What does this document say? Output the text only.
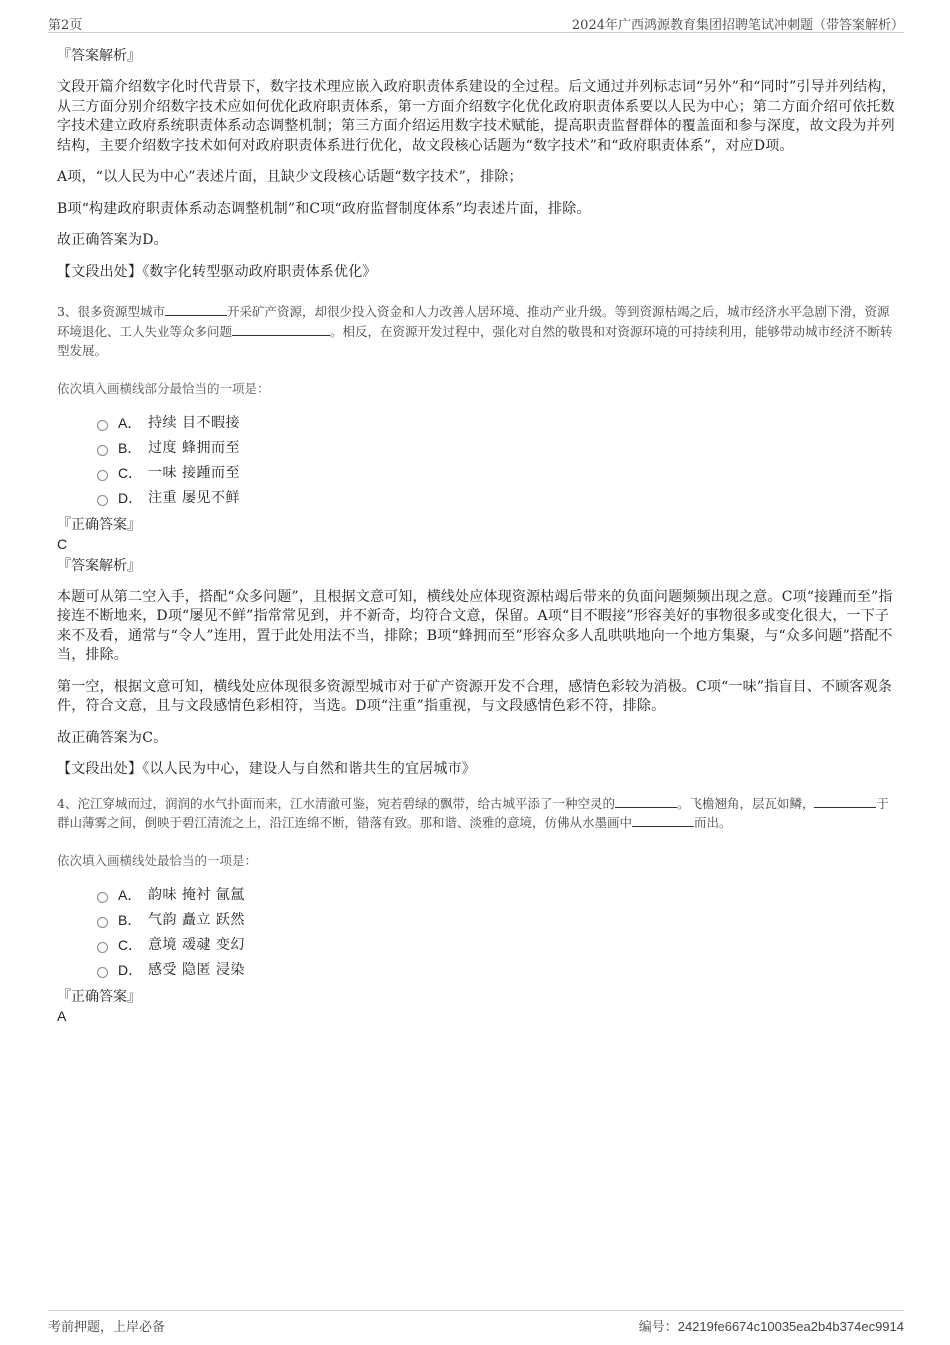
第2页	2024年广西鸿源教育集团招聘笔试冲刺题（带答案解析）

『答案解析』

文段开篇介绍数字化时代背景下，数字技术理应嵌入政府职责体系建设的全过程。后文通过并列标志词“另外”和“同时”引导并列结构，从三方面分别介绍数字技术应如何优化政府职责体系，第一方面介绍数字化优化政府职责体系要以人民为中心；第二方面介绍可依托数字技术建立政府系统职责体系动态调整机制；第三方面介绍运用数字技术赋能，提高职责监督群体的覆盖面和参与深度，故文段为并列结构，主要介绍数字技术如何对政府职责体系进行优化，故文段核心话题为“数字技术”和“政府职责体系”，对应D项。

A项，“以人民为中心”表述片面，且缺少文段核心话题“数字技术”，排除；

B项“构建政府职责体系动态调整机制”和C项“政府监督制度体系”均表述片面，排除。

故正确答案为D。

【文段出处】《数字化转型驱动政府职责体系优化》

3、很多资源型城市	开采矿产资源，却很少投入资金和人力改善人居环境、推动产业升级。等到资源枯竭之后，城市经济水平急剧下滑，资源环境退化、工人失业等众多问题	。相反，在资源开发过程中，强化对自然的敬畏和对资源环境的可持续利用，能够带动城市经济不断转型发展。

依次填入画横线部分最恰当的一项是：

A． 持续 目不暇接
B． 过度 蜂拥而至
C． 一味 接踵而至
D． 注重 屡见不鲜

『正确答案』

C

『答案解析』

本题可从第二空入手，搭配“众多问题”，且根据文意可知，横线处应体现资源枯竭后带来的负面问题频频出现之意。C项“接踵而至”指接连不断地来，D项“屡见不鲜”指常常见到，并不新奇，均符合文意，保留。A项“目不暇接”形容美好的事物很多或变化很大，一下子来不及看，通常与“令人”连用，置于此处用法不当，排除；B项“蜂拥而至”形容众多人乱哄哄地向一个地方集聚，与“众多问题”搭配不当，排除。

第一空，根据文意可知，横线处应体现很多资源型城市对于矿产资源开发不合理，感情色彩较为消极。C项“一味”指盲目、不顾客观条件，符合文意，且与文段感情色彩相符，当选。D项“注重”指重视，与文段感情色彩不符，排除。

故正确答案为C。

【文段出处】《以人民为中心，建设人与自然和谐共生的宜居城市》

4、沱江穿城而过，润润的水气扑面而来，江水清澈可鉴，宛若碧绿的飘带，给古城平添了一种空灵的	。飞檐翘角，层瓦如鳞，	于群山薄雾之间，倒映于碧江清流之上，沿江连绵不断，错落有致。那和谐、淡雅的意境，仿佛从水墨画中	而出。

依次填入画横线处最恰当的一项是：

A． 韵味 掩衬 氤氲
B． 气韵 矗立 跃然
C． 意境 叆叇 变幻
D． 感受 隐匿 浸染

『正确答案』

A

考前押题，上岸必备	编号：24219fe6674c10035ea2b4b374ec9914
